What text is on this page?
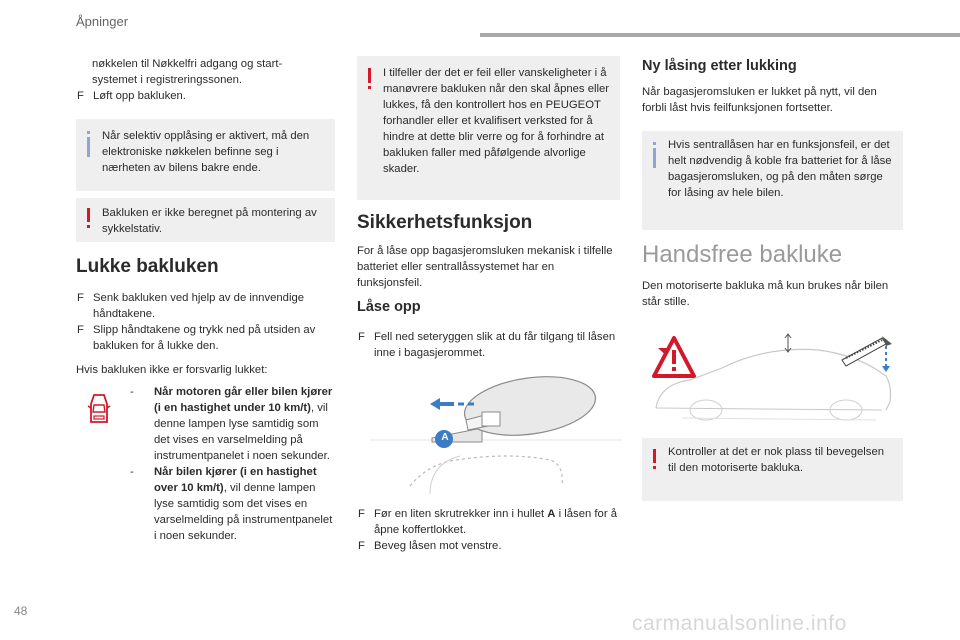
Åpninger

nøkkelen til Nøkkelfri adgang og start-

systemet i registreringssonen.

F Løft opp bakluken.
Når selektiv opplåsing er aktivert, må den elektroniske nøkkelen befinne seg i nærheten av bilens bakre ende.
Bakluken er ikke beregnet på montering av sykkelstativ.
Lukke bakluken
F Senk bakluken ved hjelp av de innvendige håndtakene.
F Slipp håndtakene og trykk ned på utsiden av bakluken for å lukke den.

Hvis bakluken ikke er forsvarlig lukket:

-	Når motoren går eller bilen kjører (i en hastighet under 10 km/t), vil denne lampen lyse samtidig som det vises en varselmelding på instrumentpanelet i noen sekunder.
-	Når bilen kjører (i en hastighet over 10 km/t), vil denne lampen lyse samtidig som det vises en varselmelding på instrumentpanelet i noen sekunder.
I tilfeller der det er feil eller vanskeligheter i å manøvrere bakluken når den skal åpnes eller lukkes, få den kontrollert hos en PEUGEOT forhandler eller et kvalifisert verksted for å hindre at dette blir verre og for å forhindre at bakluken faller med påfølgende alvorlige skader.
Sikkerhetsfunksjon

For å låse opp bagasjeromsluken mekanisk i tilfelle batteriet eller sentrallåssystemet har en funksjonsfeil.

Låse opp
F Fell ned seteryggen slik at du får tilgang til låsen inne i bagasjerommet.
A
F Før en liten skrutrekker inn i hullet A i låsen for å åpne koffertlokket.
F Beveg låsen mot venstre.
Ny låsing etter lukking

Når bagasjeromsluken er lukket på nytt, vil den forbli låst hvis feilfunksjonen fortsetter.

Hvis sentrallåsen har en funksjonsfeil, er det helt nødvendig å koble fra batteriet for å låse bagasjeromsluken, og på den måten sørge for låsing av hele bilen.
Handsfree bakluke

Den motoriserte bakluka må kun brukes når bilen står stille.

Kontroller at det er nok plass til bevegelsen til den motoriserte bakluka.
48
carmanualsonline.info
